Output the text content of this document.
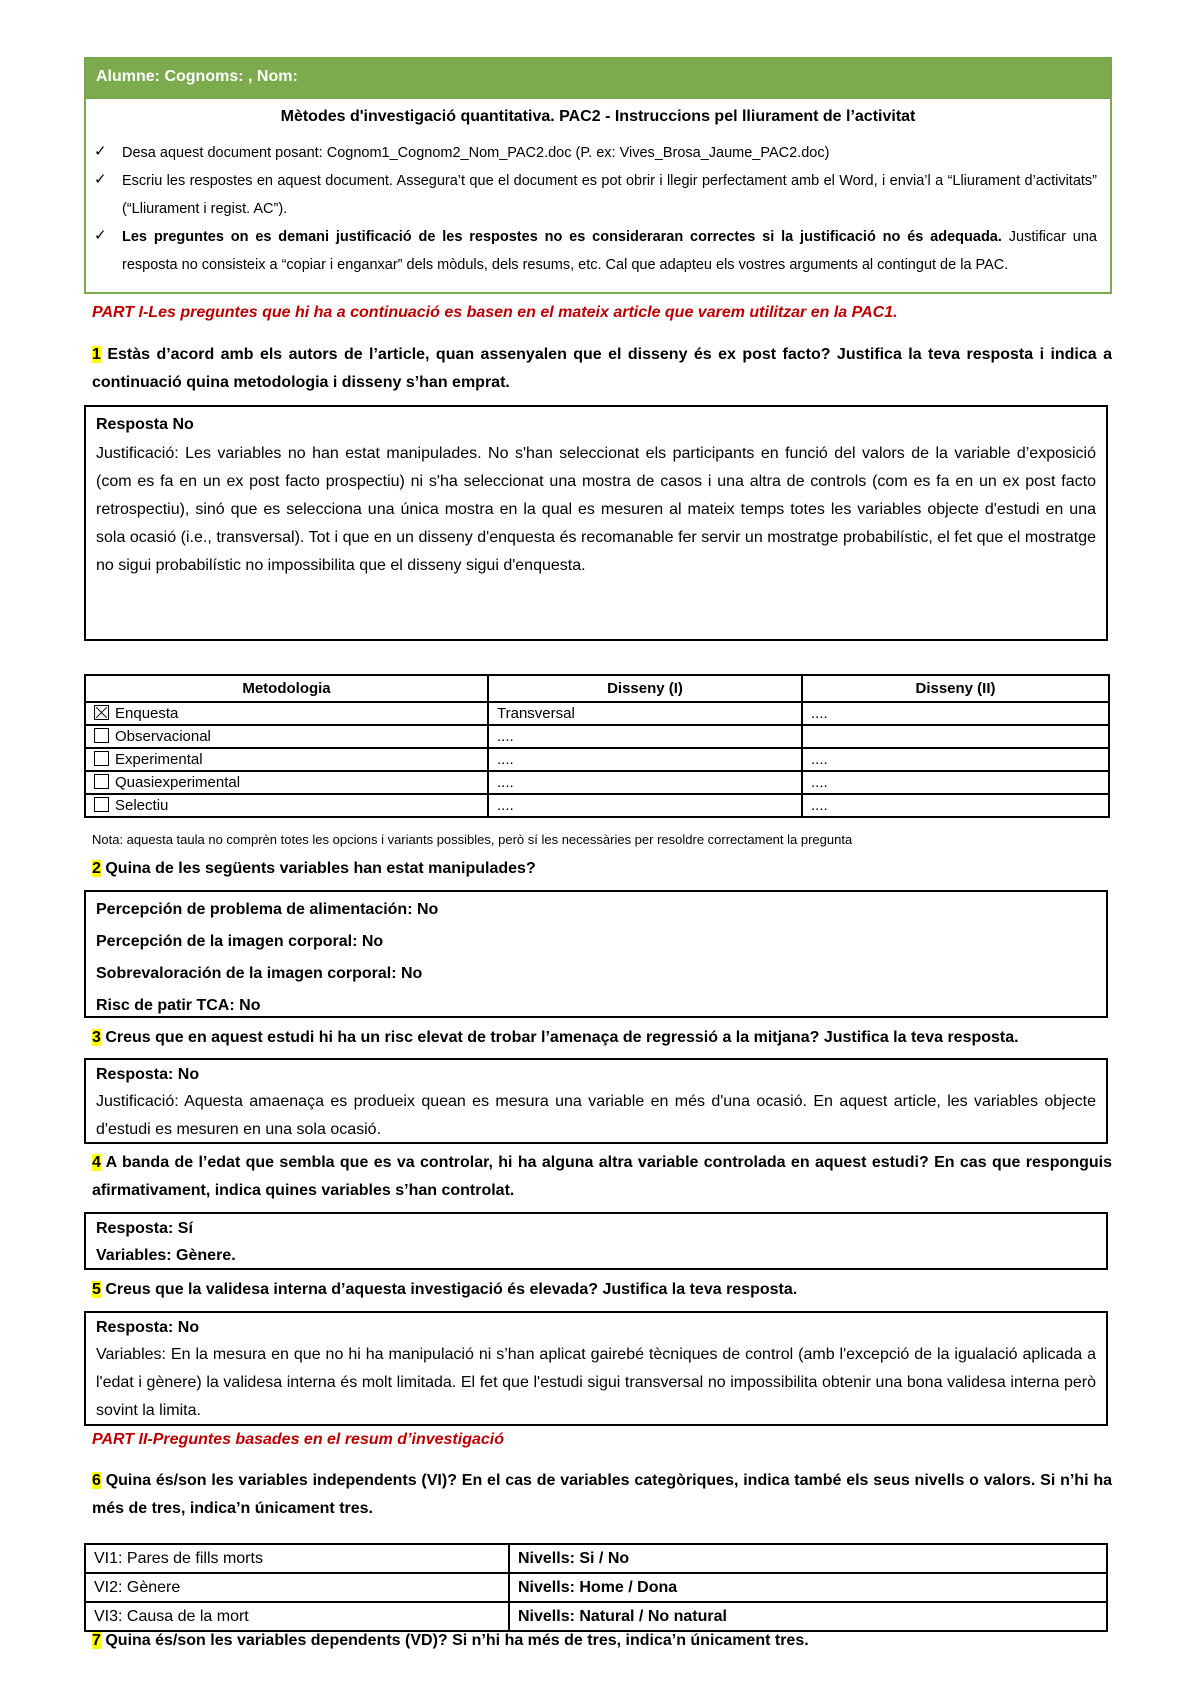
Alumne: Cognoms: , Nom:
Mètodes d'investigació quantitativa. PAC2 - Instruccions pel lliurament de l’activitat
✓ Desa aquest document posant: Cognom1_Cognom2_Nom_PAC2.doc (P. ex: Vives_Brosa_Jaume_PAC2.doc)
✓ Escriu les respostes en aquest document. Assegura’t que el document es pot obrir i llegir perfectament amb el Word, i envia’l a “Lliurament d’activitats” (“Lliurament i regist. AC”).
✓ Les preguntes on es demani justificació de les respostes no es consideraran correctes si la justificació no és adequada. Justificar una resposta no consisteix a “copiar i enganxar” dels mòduls, dels resums, etc. Cal que adapteu els vostres arguments al contingut de la PAC.
PART I-Les preguntes que hi ha a continuació es basen en el mateix article que varem utilitzar en la PAC1.
1 Estàs d’acord amb els autors de l’article, quan assenyalen que el disseny és ex post facto? Justifica la teva resposta i indica a continuació quina metodologia i disseny s’han emprat.
Resposta No
Justificació: Les variables no han estat manipulades. No s'han seleccionat els participants en funció del valors de la variable d’exposició (com es fa en un ex post facto prospectiu) ni s'ha seleccionat una mostra de casos i una altra de controls (com es fa en un ex post facto retrospectiu), sinó que es selecciona una única mostra en la qual es mesuren al mateix temps totes les variables objecte d'estudi en una sola ocasió (i.e., transversal). Tot i que en un disseny d'enquesta és recomanable fer servir un mostratge probabilístic, el fet que el mostratge no sigui probabilístic no impossibilita que el disseny sigui d'enquesta.
Metodologia	Disseny (I)	Disseny (II)
Enquesta	Transversal	....
Observacional	....	
Experimental	....	....
Quasiexperimental	....	....
Selectiu	....	....
Nota: aquesta taula no comprèn totes les opcions i variants possibles, però sí les necessàries per resoldre correctament la pregunta
2 Quina de les següents variables han estat manipulades?
Percepción de problema de alimentación: No
Percepción de la imagen corporal: No
Sobrevaloración de la imagen corporal: No
Risc de patir TCA: No
3 Creus que en aquest estudi hi ha un risc elevat de trobar l’amenaça de regressió a la mitjana? Justifica la teva resposta.
Resposta: No
Justificació: Aquesta amaenaça es produeix quean es mesura una variable en més d'una ocasió. En aquest article, les variables objecte d'estudi es mesuren en una sola ocasió.
4 A banda de l’edat que sembla que es va controlar, hi ha alguna altra variable controlada en aquest estudi? En cas que responguis afirmativament, indica quines variables s’han controlat.
Resposta: Sí
Variables: Gènere.
5 Creus que la validesa interna d’aquesta investigació és elevada? Justifica la teva resposta.
Resposta: No
Variables: En la mesura en que no hi ha manipulació ni s’han aplicat gairebé tècniques de control (amb l'excepció de la igualació aplicada a l'edat i gènere) la validesa interna és molt limitada. El fet que l'estudi sigui transversal no impossibilita obtenir una bona validesa interna però sovint la limita.
PART II-Preguntes basades en el resum d’investigació
6 Quina és/son les variables independents (VI)? En el cas de variables categòriques, indica també els seus nivells o valors. Si n’hi ha més de tres, indica’n únicament tres.
VI1: Pares de fills morts	Nivells: Si / No
VI2: Gènere	Nivells: Home / Dona
VI3: Causa de la mort	Nivells: Natural / No natural
7 Quina és/son les variables dependents (VD)? Si n’hi ha més de tres, indica’n únicament tres.
